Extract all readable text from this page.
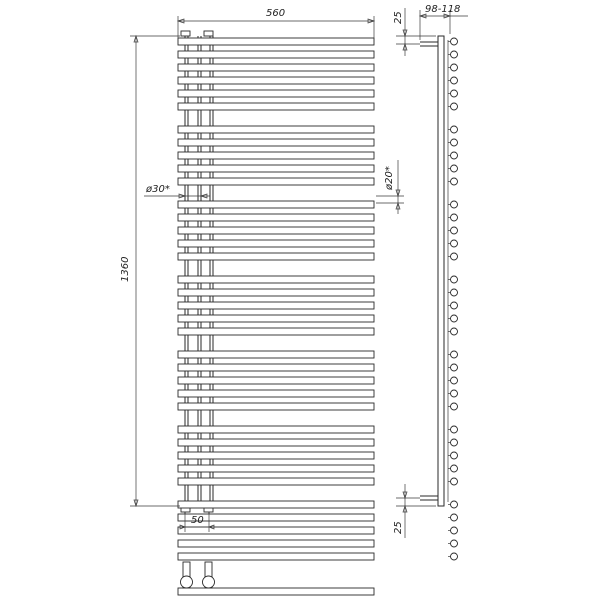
560
1360
ø30*	ø20*
50
98-118
25
25
